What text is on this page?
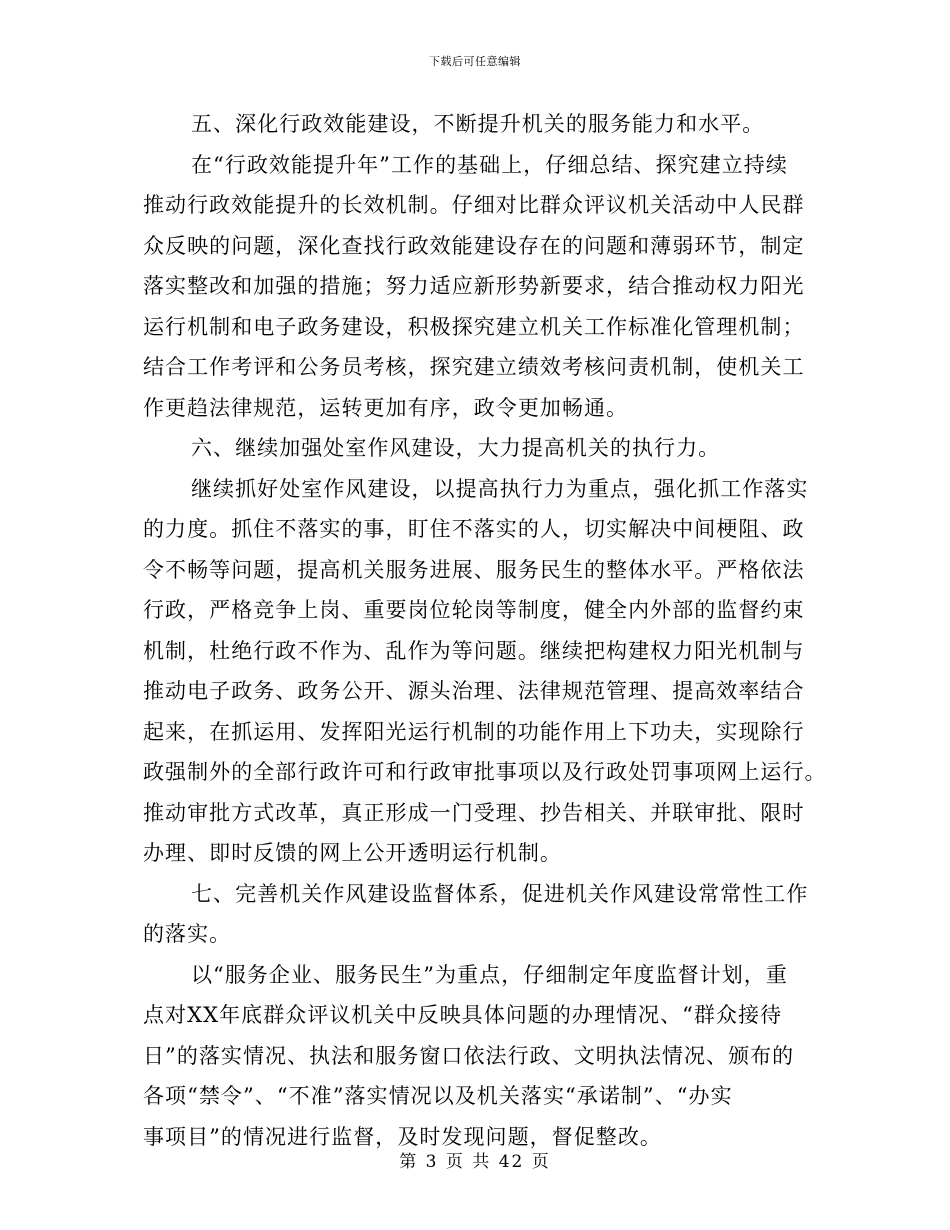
下载后可任意编辑
五、深化行政效能建设，不断提升机关的服务能力和水平。
在“行政效能提升年”工作的基础上，仔细总结、探究建立持续
推动行政效能提升的长效机制。仔细对比群众评议机关活动中人民群
众反映的问题，深化查找行政效能建设存在的问题和薄弱环节，制定
落实整改和加强的措施；努力适应新形势新要求，结合推动权力阳光
运行机制和电子政务建设，积极探究建立机关工作标准化管理机制；
结合工作考评和公务员考核，探究建立绩效考核问责机制，使机关工
作更趋法律规范，运转更加有序，政令更加畅通。
六、继续加强处室作风建设，大力提高机关的执行力。
继续抓好处室作风建设，以提高执行力为重点，强化抓工作落实
的力度。抓住不落实的事，盯住不落实的人，切实解决中间梗阻、政
令不畅等问题，提高机关服务进展、服务民生的整体水平。严格依法
行政，严格竞争上岗、重要岗位轮岗等制度，健全内外部的监督约束
机制，杜绝行政不作为、乱作为等问题。继续把构建权力阳光机制与
推动电子政务、政务公开、源头治理、法律规范管理、提高效率结合
起来，在抓运用、发挥阳光运行机制的功能作用上下功夫，实现除行
政强制外的全部行政许可和行政审批事项以及行政处罚事项网上运行。
推动审批方式改革，真正形成一门受理、抄告相关、并联审批、限时
办理、即时反馈的网上公开透明运行机制。
七、完善机关作风建设监督体系，促进机关作风建设常常性工作
的落实。
以“服务企业、服务民生”为重点，仔细制定年度监督计划，重
点对XX年底群众评议机关中反映具体问题的办理情况、“群众接待
日”的落实情况、执法和服务窗口依法行政、文明执法情况、颁布的
各项“禁令”、“不准”落实情况以及机关落实“承诺制”、“办实
事项目”的情况进行监督，及时发现问题，督促整改。
第 3 页 共 42 页
